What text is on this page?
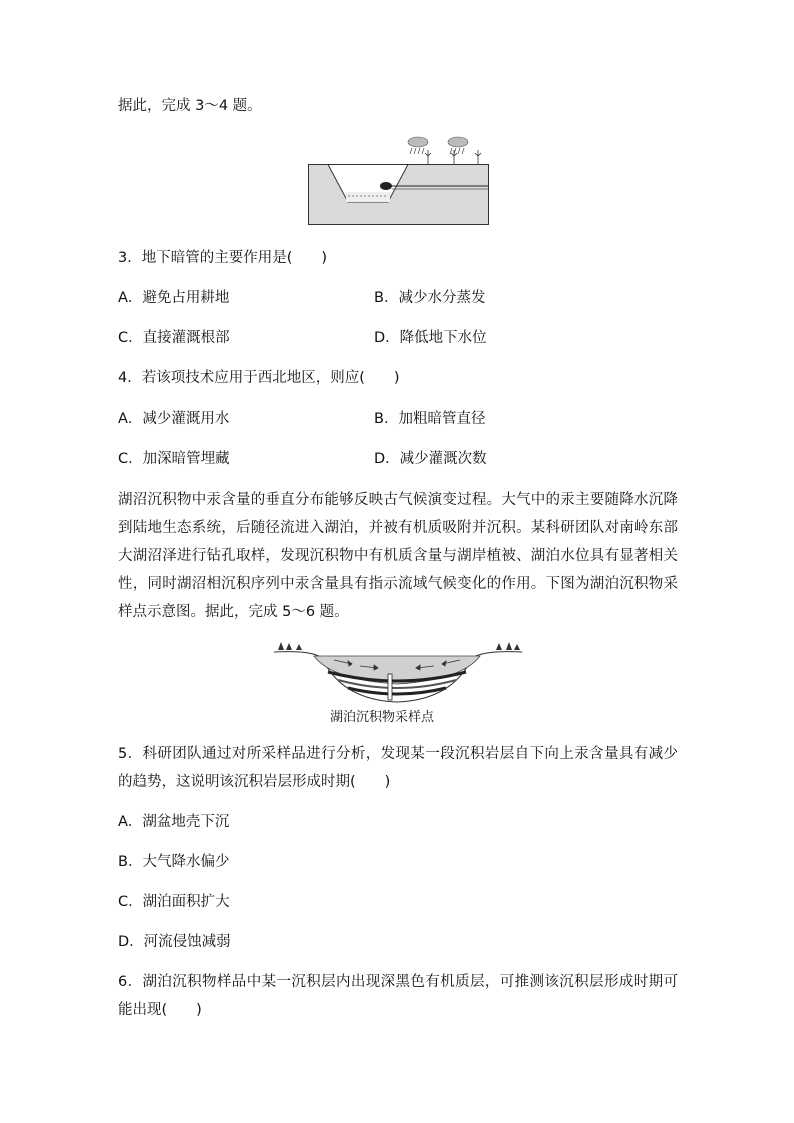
据此，完成 3～4 题。
3．地下暗管的主要作用是(　　)
A．避免占用耕地	B．减少水分蒸发
C．直接灌溉根部	D．降低地下水位
4．若该项技术应用于西北地区，则应(　　)
A．减少灌溉用水	B．加粗暗管直径
C．加深暗管埋藏	D．减少灌溉次数
湖沼沉积物中汞含量的垂直分布能够反映古气候演变过程。大气中的汞主要随降水沉降到陆地生态系统，后随径流进入湖泊，并被有机质吸附并沉积。某科研团队对南岭东部大湖沼泽进行钻孔取样，发现沉积物中有机质含量与湖岸植被、湖泊水位具有显著相关性，同时湖沼相沉积序列中汞含量具有指示流域气候变化的作用。下图为湖泊沉积物采样点示意图。据此，完成 5～6 题。
湖泊沉积物采样点
5．科研团队通过对所采样品进行分析，发现某一段沉积岩层自下向上汞含量具有减少的趋势，这说明该沉积岩层形成时期(　　)
A．湖盆地壳下沉
B．大气降水偏少
C．湖泊面积扩大
D．河流侵蚀减弱
6．湖泊沉积物样品中某一沉积层内出现深黑色有机质层，可推测该沉积层形成时期可能出现(　　)
